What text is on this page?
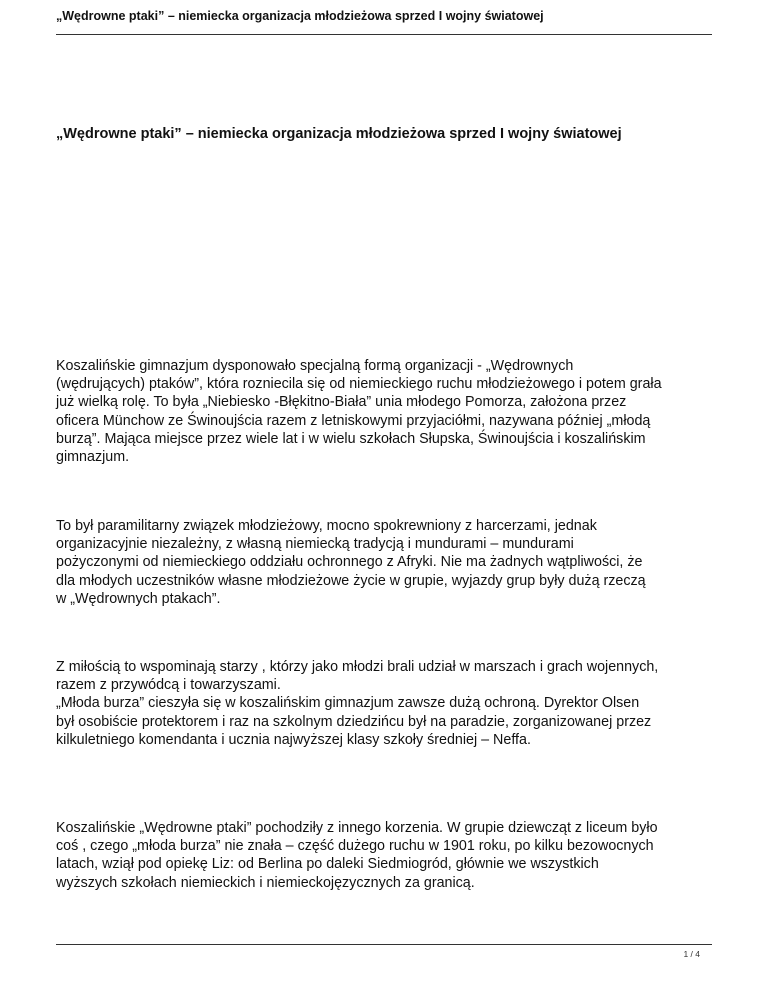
„Wędrowne ptaki” – niemiecka organizacja młodzieżowa sprzed I wojny światowej
„Wędrowne ptaki” – niemiecka organizacja młodzieżowa sprzed I wojny światowej

Koszalińskie gimnazjum dysponowało specjalną formą organizacji - „Wędrownych
(wędrujących) ptaków”, która rozniecila się od niemieckiego ruchu młodzieżowego i potem grała
już wielką rolę. To była „Niebiesko -Błękitno-Biała” unia młodego Pomorza, założona przez
oficera Münchow ze Świnoujścia razem z letniskowymi przyjaciółmi, nazywana później „młodą
burzą”. Mająca miejsce przez wiele lat i w wielu szkołach Słupska, Świnoujścia i koszalińskim
gimnazjum.

To był paramilitarny związek młodzieżowy, mocno spokrewniony z harcerzami, jednak
organizacyjnie niezależny, z własną niemiecką tradycją i mundurami – mundurami
pożyczonymi od niemieckiego oddziału ochronnego z Afryki. Nie ma żadnych wątpliwości, że
dla młodych uczestników własne młodzieżowe życie w grupie, wyjazdy grup były dużą rzeczą
w „Wędrownych ptakach”.

Z miłością to wspominają starzy , którzy jako młodzi brali udział w marszach i grach wojennych,
razem z przywódcą i towarzyszami.
„Młoda burza” cieszyła się w koszalińskim gimnazjum zawsze dużą ochroną. Dyrektor Olsen
był osobiście protektorem i raz na szkolnym dziedzińcu był na paradzie, zorganizowanej przez
kilkuletniego komendanta i ucznia najwyższej klasy szkoły średniej – Neffa.

Koszalińskie „Wędrowne ptaki” pochodziły z innego korzenia. W grupie dziewcząt z liceum było
coś , czego „młoda burza” nie znała – część dużego ruchu w 1901 roku, po kilku bezowocnych
latach, wziął pod opiekę Liz: od Berlina po daleki Siedmiogród, głównie we wszystkich
wyższych szkołach niemieckich i niemieckojęzycznych za granicą.

1 / 4
